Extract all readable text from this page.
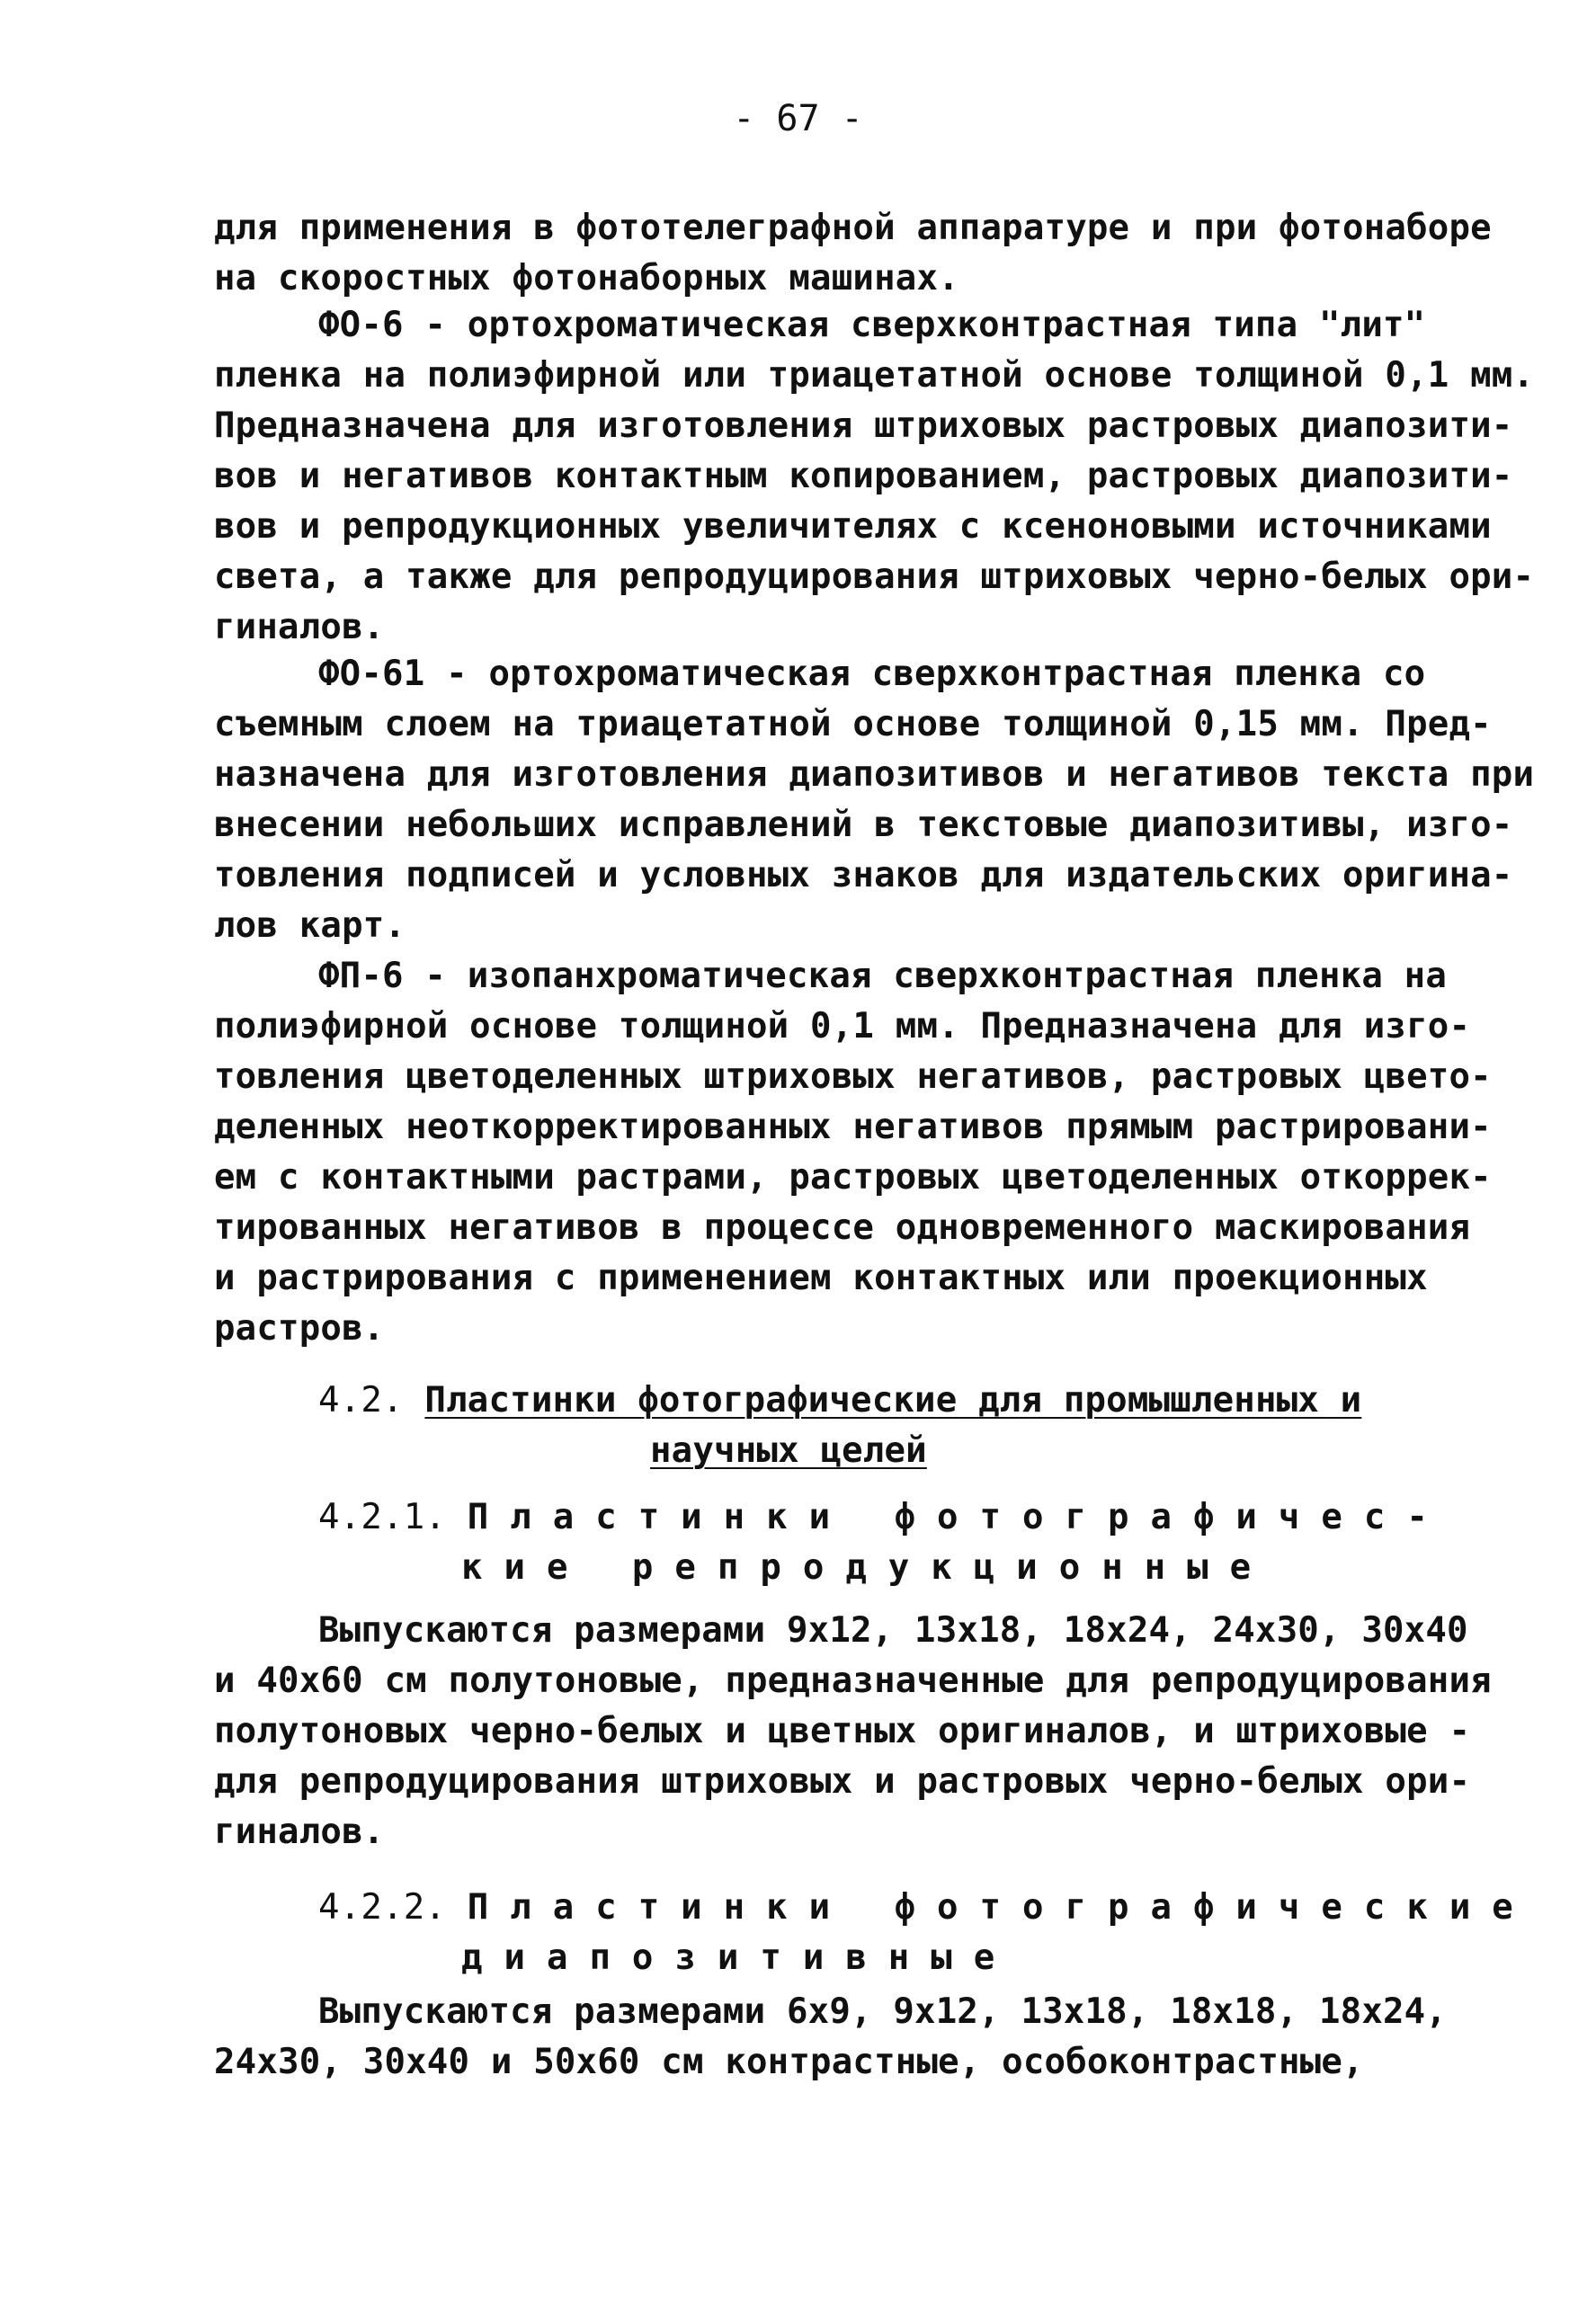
- 67 -
для применения в фототелеграфной аппаратуре и при фотонаборе
на скоростных фотонаборных машинах.
ФО-6 - ортохроматическая сверхконтрастная типа "лит"
пленка на полиэфирной или триацетатной основе толщиной 0,1 мм.
Предназначена для изготовления штриховых растровых диапозити-
вов и негативов контактным копированием, растровых диапозити-
вов и репродукционных увеличителях с ксеноновыми источниками
света, а также для репродуцирования штриховых черно-белых ори-
гиналов.
ФО-61 - ортохроматическая сверхконтрастная пленка со
съемным слоем на триацетатной основе толщиной 0,15 мм. Пред-
назначена для изготовления диапозитивов и негативов текста при
внесении небольших исправлений в текстовые диапозитивы, изго-
товления подписей и условных знаков для издательских оригина-
лов карт.
ФП-6 - изопанхроматическая сверхконтрастная пленка на
полиэфирной основе толщиной 0,1 мм. Предназначена для изго-
товления цветоделенных штриховых негативов, растровых цвето-
деленных неоткорректированных негативов прямым растрировани-
ем с контактными растрами, растровых цветоделенных откоррек-
тированных негативов в процессе одновременного маскирования
и растрирования с применением контактных или проекционных
растров.
4.2. Пластинки фотографические для промышленных и
научных целей
4.2.1. Пластинки фотографичес-
кие репродукционные
Выпускаются размерами 9х12, 13х18, 18х24, 24х30, 30х40
и 40х60 см полутоновые, предназначенные для репродуцирования
полутоновых черно-белых и цветных оригиналов, и штриховые -
для репродуцирования штриховых и растровых черно-белых ори-
гиналов.
4.2.2. Пластинки фотографические
диапозитивные
Выпускаются размерами 6х9, 9х12, 13х18, 18х18, 18х24,
24х30, 30х40 и 50х60 см контрастные, особоконтрастные,
